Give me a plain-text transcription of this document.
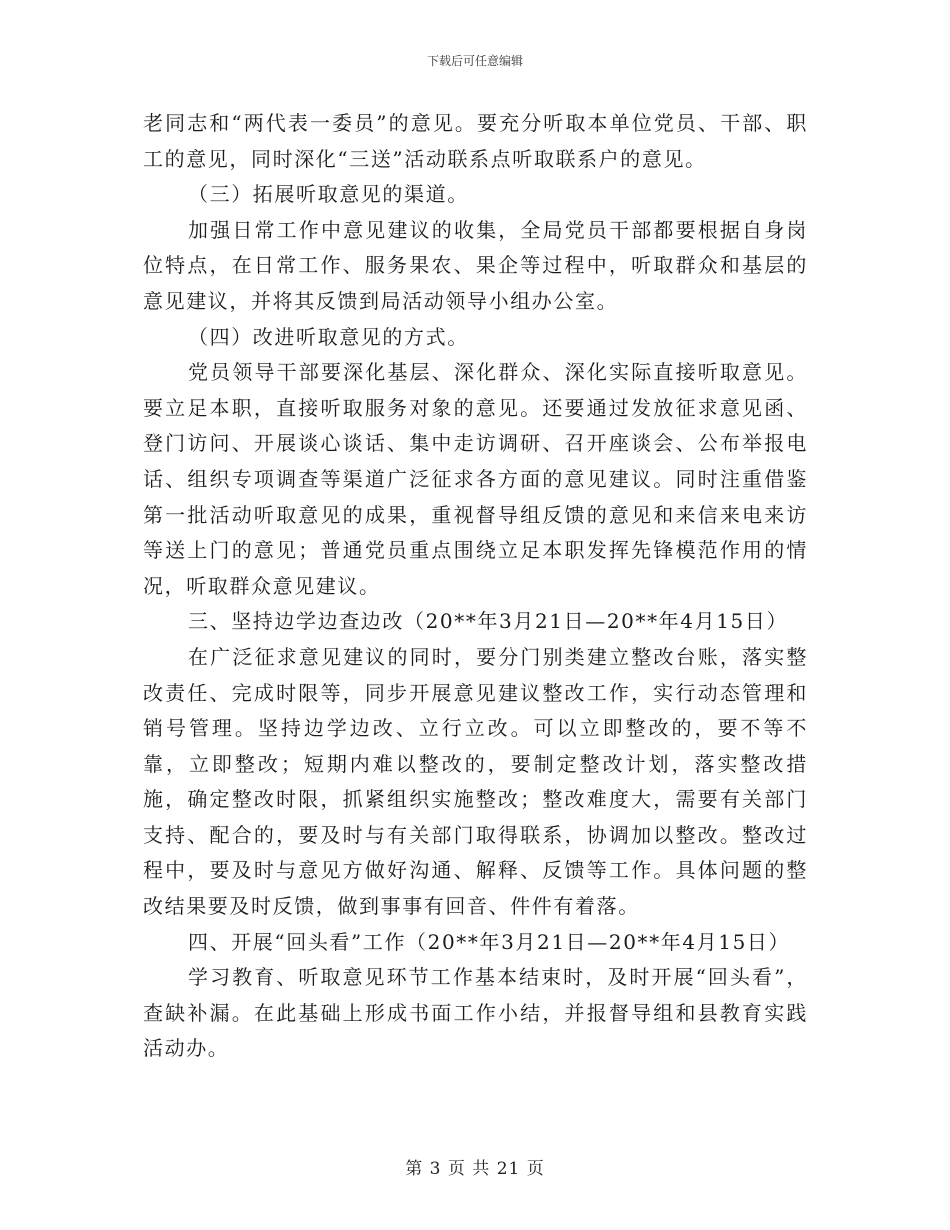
下载后可任意编辑

老同志和“两代表一委员”的意见。要充分听取本单位党员、干部、职工的意见，同时深化“三送”活动联系点听取联系户的意见。

（三）拓展听取意见的渠道。

加强日常工作中意见建议的收集，全局党员干部都要根据自身岗位特点，在日常工作、服务果农、果企等过程中，听取群众和基层的意见建议，并将其反馈到局活动领导小组办公室。

（四）改进听取意见的方式。

党员领导干部要深化基层、深化群众、深化实际直接听取意见。要立足本职，直接听取服务对象的意见。还要通过发放征求意见函、登门访问、开展谈心谈话、集中走访调研、召开座谈会、公布举报电话、组织专项调查等渠道广泛征求各方面的意见建议。同时注重借鉴第一批活动听取意见的成果，重视督导组反馈的意见和来信来电来访等送上门的意见；普通党员重点围绕立足本职发挥先锋模范作用的情况，听取群众意见建议。

三、坚持边学边查边改（20**年3月21日—20**年4月15日）

在广泛征求意见建议的同时，要分门别类建立整改台账，落实整改责任、完成时限等，同步开展意见建议整改工作，实行动态管理和销号管理。坚持边学边改、立行立改。可以立即整改的，要不等不靠，立即整改；短期内难以整改的，要制定整改计划，落实整改措施，确定整改时限，抓紧组织实施整改；整改难度大，需要有关部门支持、配合的，要及时与有关部门取得联系，协调加以整改。整改过程中，要及时与意见方做好沟通、解释、反馈等工作。具体问题的整改结果要及时反馈，做到事事有回音、件件有着落。

四、开展“回头看”工作（20**年3月21日—20**年4月15日）

学习教育、听取意见环节工作基本结束时，及时开展“回头看”，查缺补漏。在此基础上形成书面工作小结，并报督导组和县教育实践活动办。

第 3 页 共 21 页
